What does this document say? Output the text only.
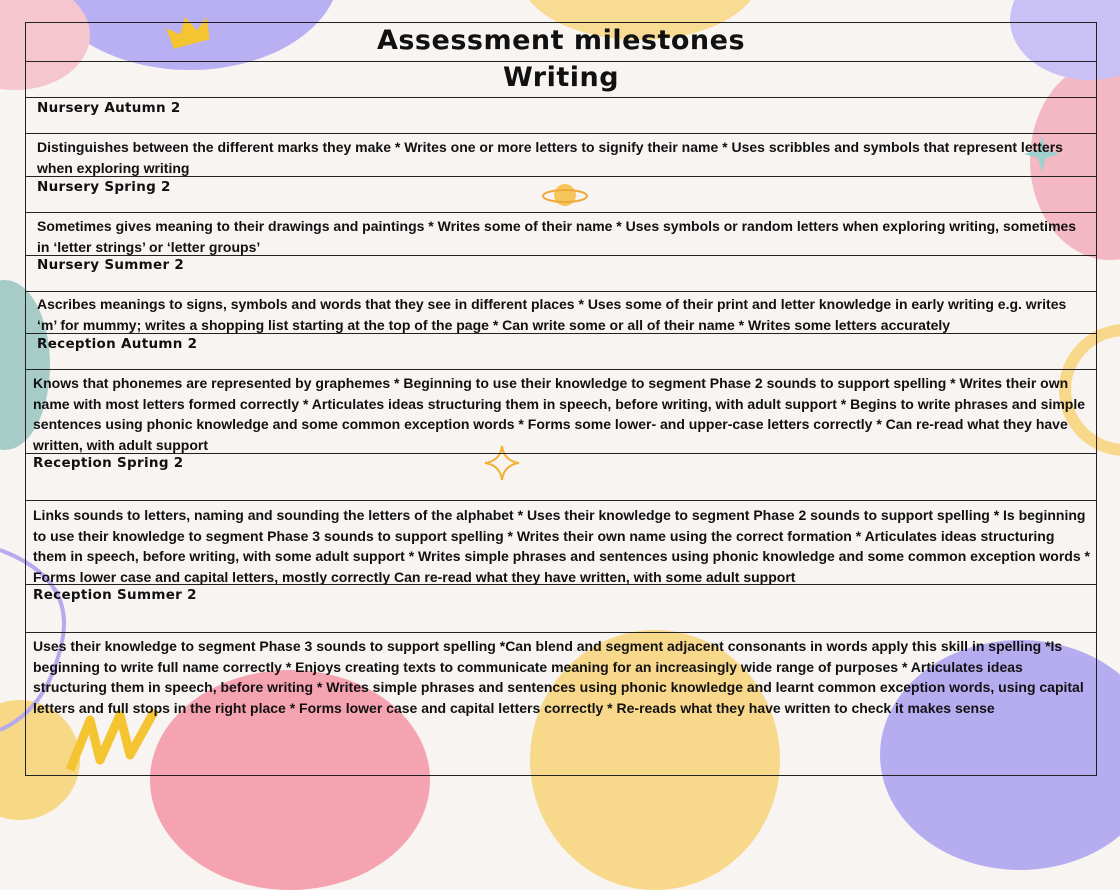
Assessment milestones
Writing
Nursery Autumn 2
Distinguishes between the different marks they make * Writes one or more letters to signify their name * Uses scribbles and symbols that represent letters when exploring writing
Nursery Spring 2
Sometimes gives meaning to their drawings and paintings * Writes some of their name * Uses symbols or random letters when exploring writing, sometimes in ‘letter strings’ or ‘letter groups’
Nursery Summer 2
Ascribes meanings to signs, symbols and words that they see in different places * Uses some of their print and letter knowledge in early writing e.g. writes ‘m’ for mummy; writes a shopping list starting at the top of the page * Can write some or all of their name * Writes some letters accurately
Reception Autumn 2
Knows that phonemes are represented by graphemes * Beginning to use their knowledge to segment Phase 2 sounds to support spelling * Writes their own name with most letters formed correctly * Articulates ideas structuring them in speech, before writing, with adult support * Begins to write phrases and simple sentences using phonic knowledge and some common exception words * Forms some lower- and upper-case letters correctly * Can re-read what they have written, with adult support
Reception Spring 2
Links sounds to letters, naming and sounding the letters of the alphabet * Uses their knowledge to segment Phase 2 sounds to support spelling * Is beginning to use their knowledge to segment Phase 3 sounds to support spelling * Writes their own name using the correct formation * Articulates ideas structuring them in speech, before writing, with some adult support * Writes simple phrases and sentences using phonic knowledge and some common exception words * Forms lower case and capital letters, mostly correctly Can re-read what they have written, with some adult support
Reception Summer 2
Uses their knowledge to segment Phase 3 sounds to support spelling *Can blend and segment adjacent consonants in words apply this skill in spelling *Is beginning to write full name correctly * Enjoys creating texts to communicate meaning for an increasingly wide range of purposes * Articulates ideas structuring them in speech, before writing * Writes simple phrases and sentences using phonic knowledge and learnt common exception words, using capital letters and full stops in the right place * Forms lower case and capital letters correctly * Re-reads what they have written to check it makes sense
